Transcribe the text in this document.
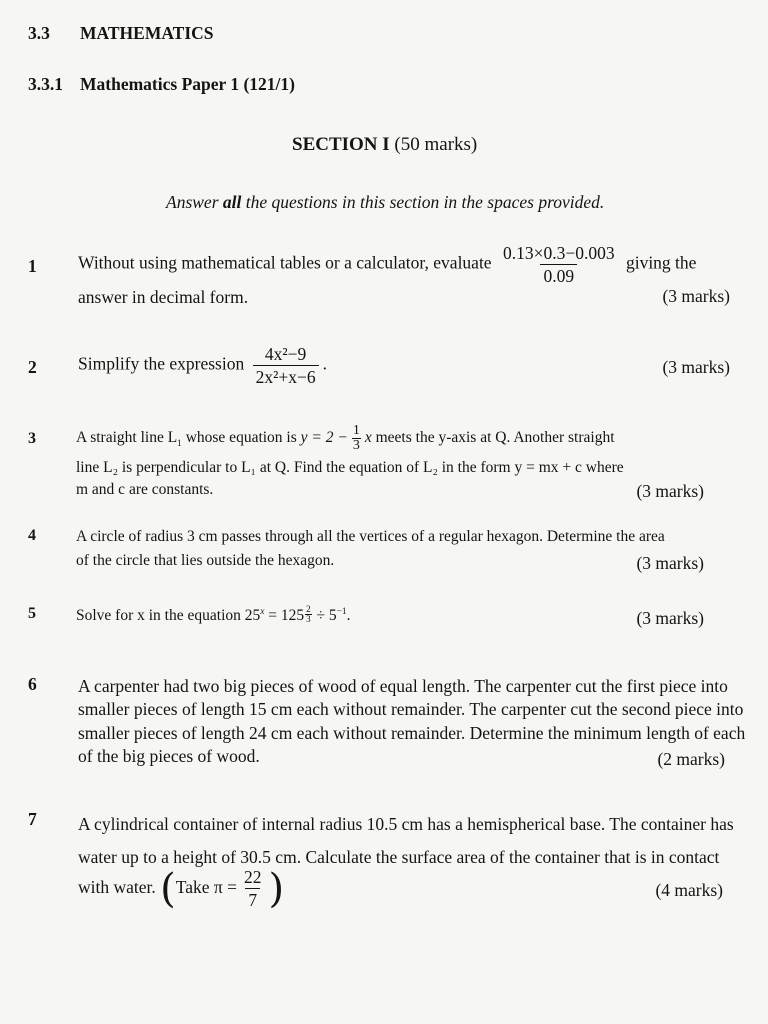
3.3 MATHEMATICS
3.3.1 Mathematics Paper 1 (121/1)
SECTION I (50 marks)
Answer all the questions in this section in the spaces provided.
1 Without using mathematical tables or a calculator, evaluate $\frac{0.13\times 0.3-0.003}{0.09}$ giving the
answer in decimal form.	(3 marks)
2 Simplify the expression $\frac{\text{4x²−9}}{\text{2x²+x−6}}$ .	(3 marks)
3	A straight line $L_1$ whose equation is $y = 2 - \frac{1}{3}$ x meets the y-axis at Q. Another straight
line L₂ is perpendicular to L₁ at Q. Find the equation of L₂ in the form y = mx + c where
m and c are constants.	(3 marks)
4	A circle of radius 3 cm passes through all the vertices of a regular hexagon. Determine the area
of the circle that lies outside the hexagon.	(3 marks)
5	Solve for x in the equation $25^x = 125 \frac{2}{3} \div 5^{-1}$.	(3 marks)
6 A carpenter had two big pieces of wood of equal length. The carpenter cut the first piece into
smaller pieces of length 15 cm each without remainder. The carpenter cut the second piece into
smaller pieces of length 24 cm each without remainder. Determine the minimum length of each
of the big pieces of wood.	(2 marks)
7 A cylindrical container of internal radius 10.5 cm has a hemispherical base. The container has
water up to a height of 30.5 cm. Calculate the surface area of the container that is in contact
with water. (Take $\pi = \frac{22}{7}$ )	(4 marks)
